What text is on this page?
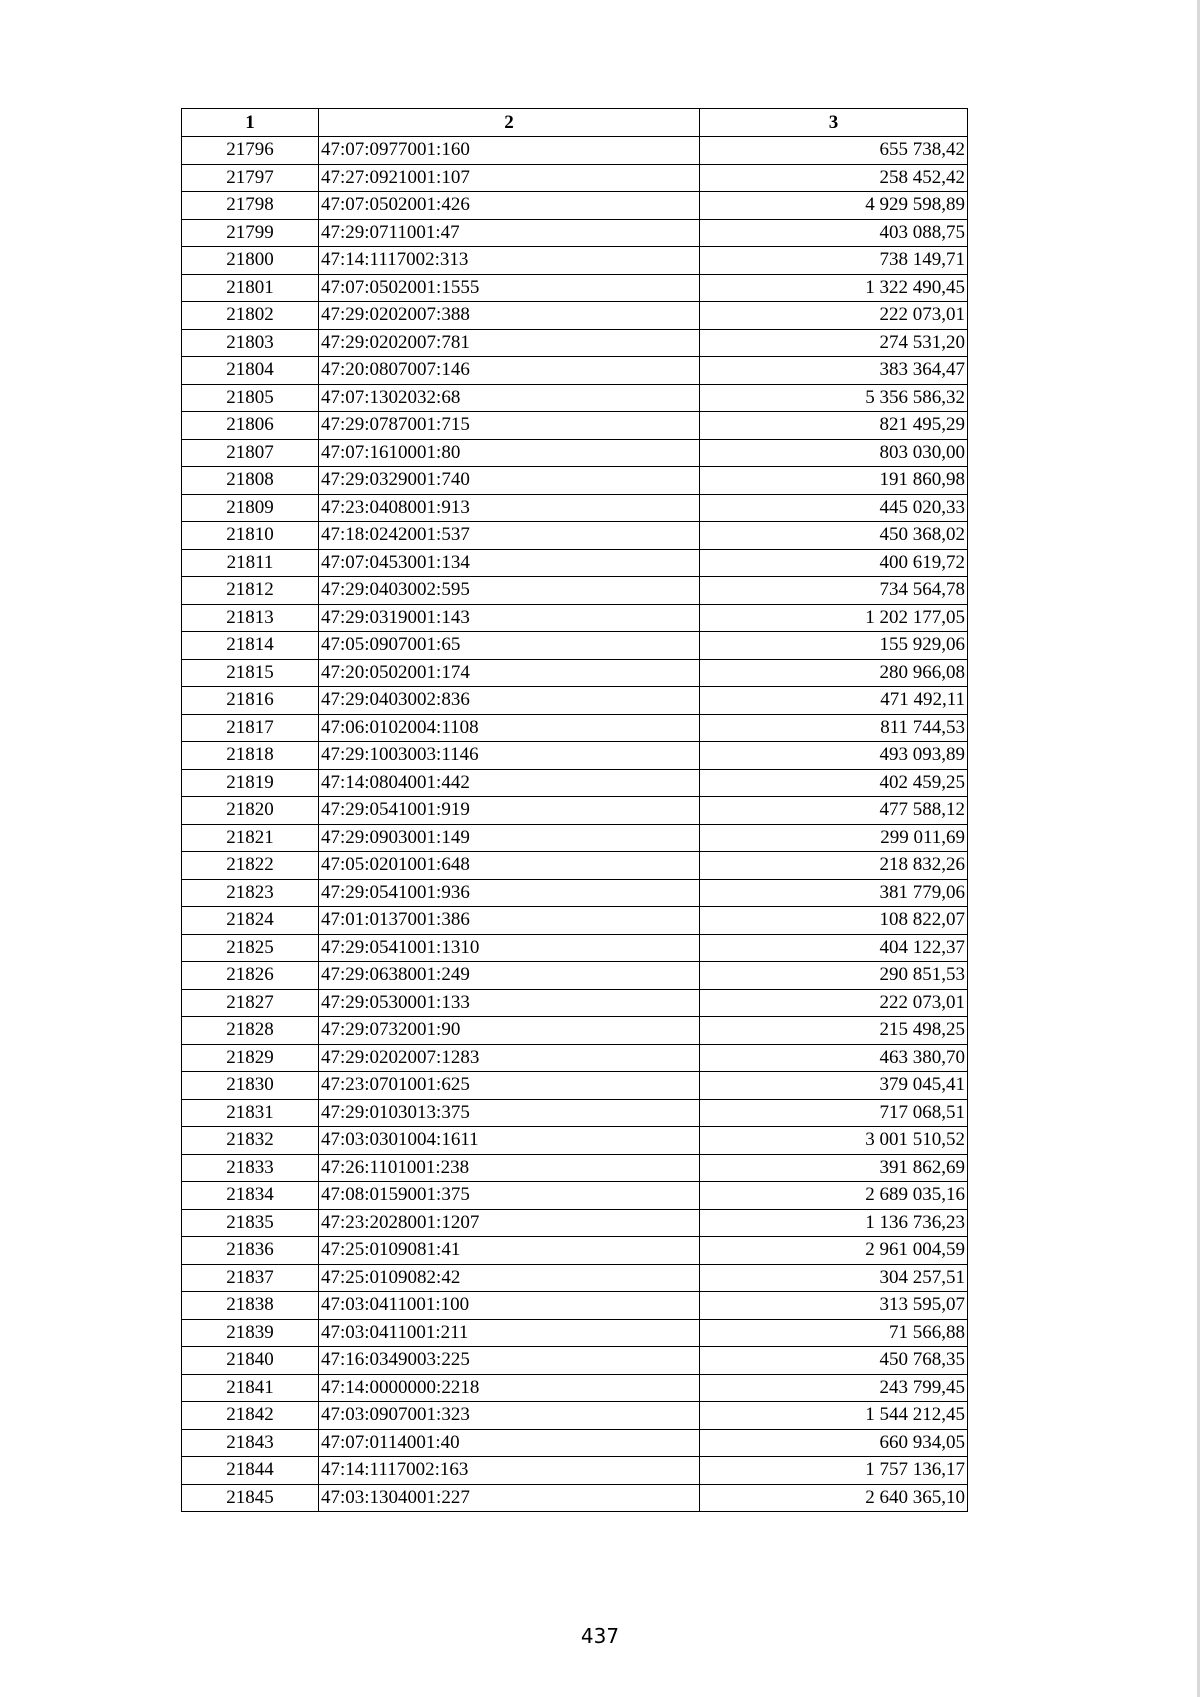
1	2	3
21796	47:07:0977001:160	655 738,42
21797	47:27:0921001:107	258 452,42
21798	47:07:0502001:426	4 929 598,89
21799	47:29:0711001:47	403 088,75
21800	47:14:1117002:313	738 149,71
21801	47:07:0502001:1555	1 322 490,45
21802	47:29:0202007:388	222 073,01
21803	47:29:0202007:781	274 531,20
21804	47:20:0807007:146	383 364,47
21805	47:07:1302032:68	5 356 586,32
21806	47:29:0787001:715	821 495,29
21807	47:07:1610001:80	803 030,00
21808	47:29:0329001:740	191 860,98
21809	47:23:0408001:913	445 020,33
21810	47:18:0242001:537	450 368,02
21811	47:07:0453001:134	400 619,72
21812	47:29:0403002:595	734 564,78
21813	47:29:0319001:143	1 202 177,05
21814	47:05:0907001:65	155 929,06
21815	47:20:0502001:174	280 966,08
21816	47:29:0403002:836	471 492,11
21817	47:06:0102004:1108	811 744,53
21818	47:29:1003003:1146	493 093,89
21819	47:14:0804001:442	402 459,25
21820	47:29:0541001:919	477 588,12
21821	47:29:0903001:149	299 011,69
21822	47:05:0201001:648	218 832,26
21823	47:29:0541001:936	381 779,06
21824	47:01:0137001:386	108 822,07
21825	47:29:0541001:1310	404 122,37
21826	47:29:0638001:249	290 851,53
21827	47:29:0530001:133	222 073,01
21828	47:29:0732001:90	215 498,25
21829	47:29:0202007:1283	463 380,70
21830	47:23:0701001:625	379 045,41
21831	47:29:0103013:375	717 068,51
21832	47:03:0301004:1611	3 001 510,52
21833	47:26:1101001:238	391 862,69
21834	47:08:0159001:375	2 689 035,16
21835	47:23:2028001:1207	1 136 736,23
21836	47:25:0109081:41	2 961 004,59
21837	47:25:0109082:42	304 257,51
21838	47:03:0411001:100	313 595,07
21839	47:03:0411001:211	71 566,88
21840	47:16:0349003:225	450 768,35
21841	47:14:0000000:2218	243 799,45
21842	47:03:0907001:323	1 544 212,45
21843	47:07:0114001:40	660 934,05
21844	47:14:1117002:163	1 757 136,17
21845	47:03:1304001:227	2 640 365,10
437
